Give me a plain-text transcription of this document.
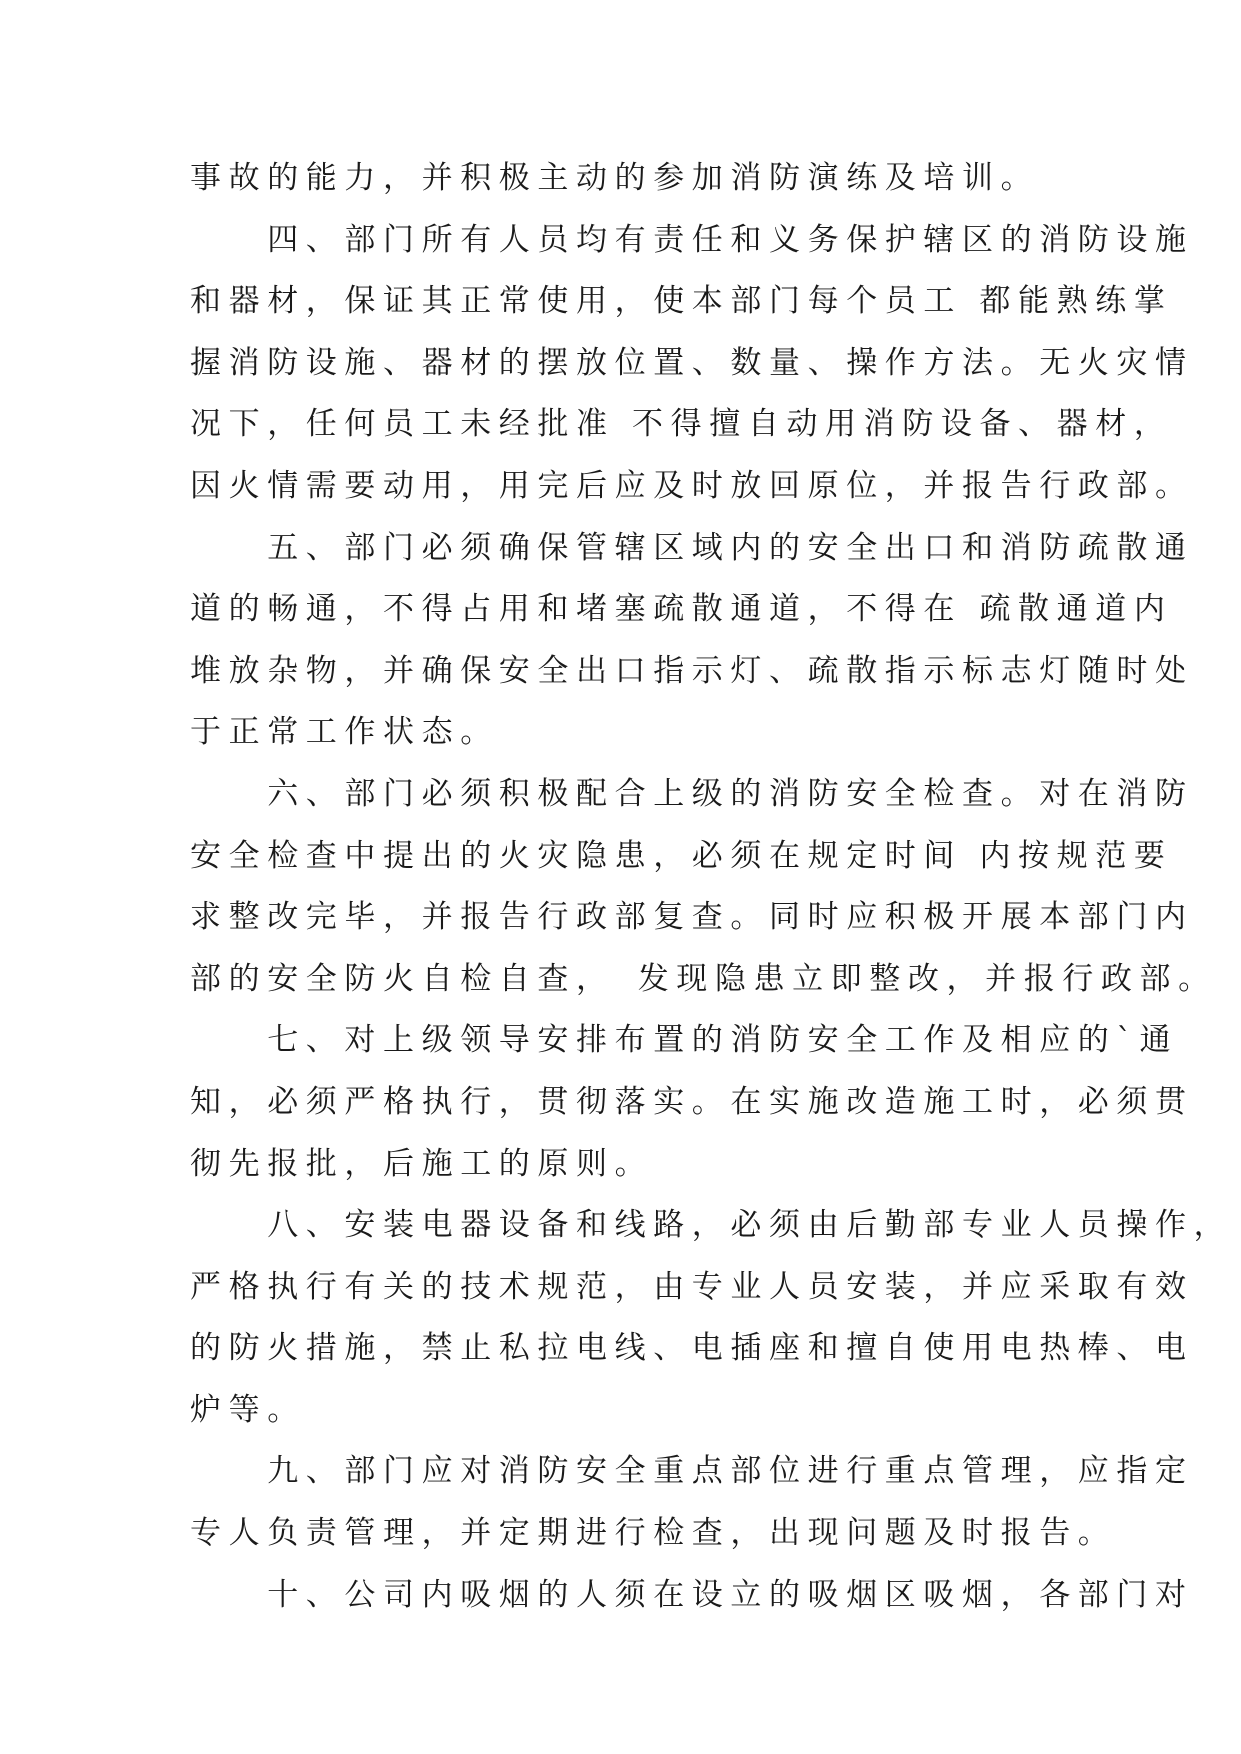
事故的能力，并积极主动的参加消防演练及培训。
　　四、部门所有人员均有责任和义务保护辖区的消防设施
和器材，保证其正常使用，使本部门每个员工 都能熟练掌
握消防设施、器材的摆放位置、数量、操作方法。无火灾情
况下，任何员工未经批准 不得擅自动用消防设备、器材，
因火情需要动用，用完后应及时放回原位，并报告行政部。
　　五、部门必须确保管辖区域内的安全出口和消防疏散通
道的畅通，不得占用和堵塞疏散通道，不得在 疏散通道内
堆放杂物，并确保安全出口指示灯、疏散指示标志灯随时处
于正常工作状态。
　　六、部门必须积极配合上级的消防安全检查。对在消防
安全检查中提出的火灾隐患，必须在规定时间 内按规范要
求整改完毕，并报告行政部复查。同时应积极开展本部门内
部的安全防火自检自查，　发现隐患立即整改，并报行政部。
　　七、对上级领导安排布置的消防安全工作及相应的`通
知，必须严格执行，贯彻落实。在实施改造施工时，必须贯
彻先报批，后施工的原则。
　　八、安装电器设备和线路，必须由后勤部专业人员操作，
严格执行有关的技术规范，由专业人员安装，并应采取有效
的防火措施，禁止私拉电线、电插座和擅自使用电热棒、电
炉等。
　　九、部门应对消防安全重点部位进行重点管理，应指定
专人负责管理，并定期进行检查，出现问题及时报告。
　　十、公司内吸烟的人须在设立的吸烟区吸烟，各部门对
